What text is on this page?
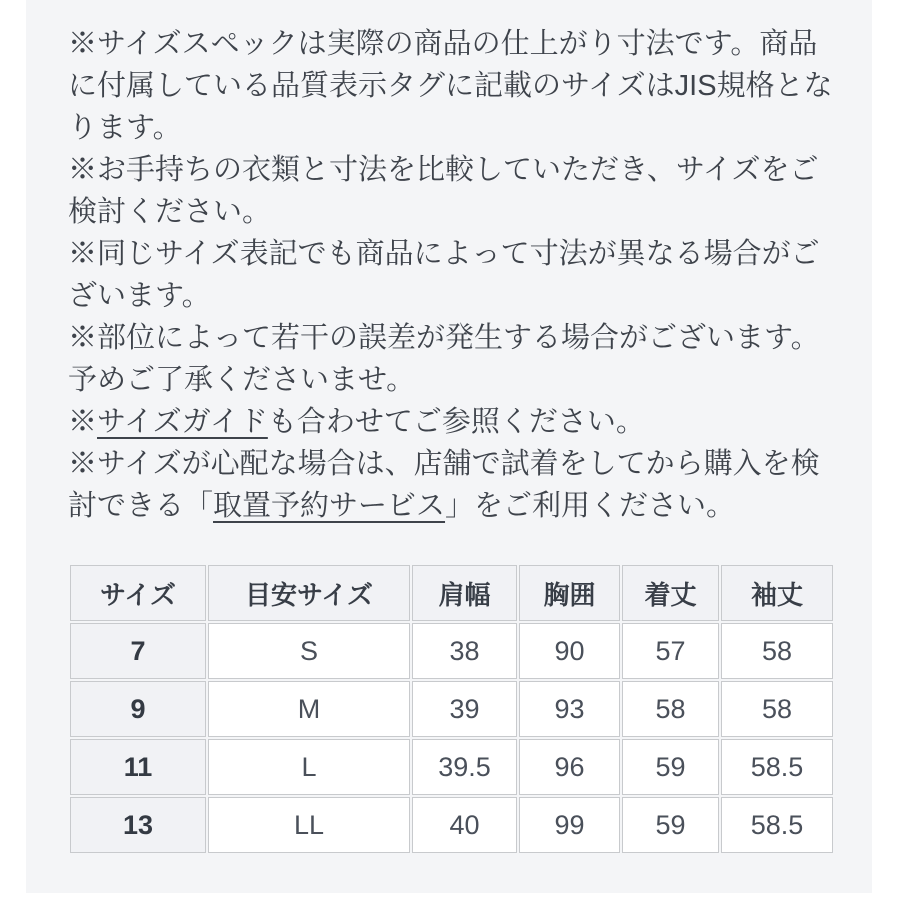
※サイズスペックは実際の商品の仕上がり寸法です。商品に付属している品質表示タグに記載のサイズはJIS規格となります。

※お手持ちの衣類と寸法を比較していただき、サイズをご検討ください。

※同じサイズ表記でも商品によって寸法が異なる場合がございます。

※部位によって若干の誤差が発生する場合がございます。予めご了承くださいませ。

※サイズガイドも合わせてご参照ください。

※サイズが心配な場合は、店舗で試着をしてから購入を検討できる「取置予約サービス」をご利用ください。

サイズ	目安サイズ	肩幅	胸囲	着丈	袖丈
7	S	38	90	57	58
9	M	39	93	58	58
11	L	39.5	96	59	58.5
13	LL	40	99	59	58.5
